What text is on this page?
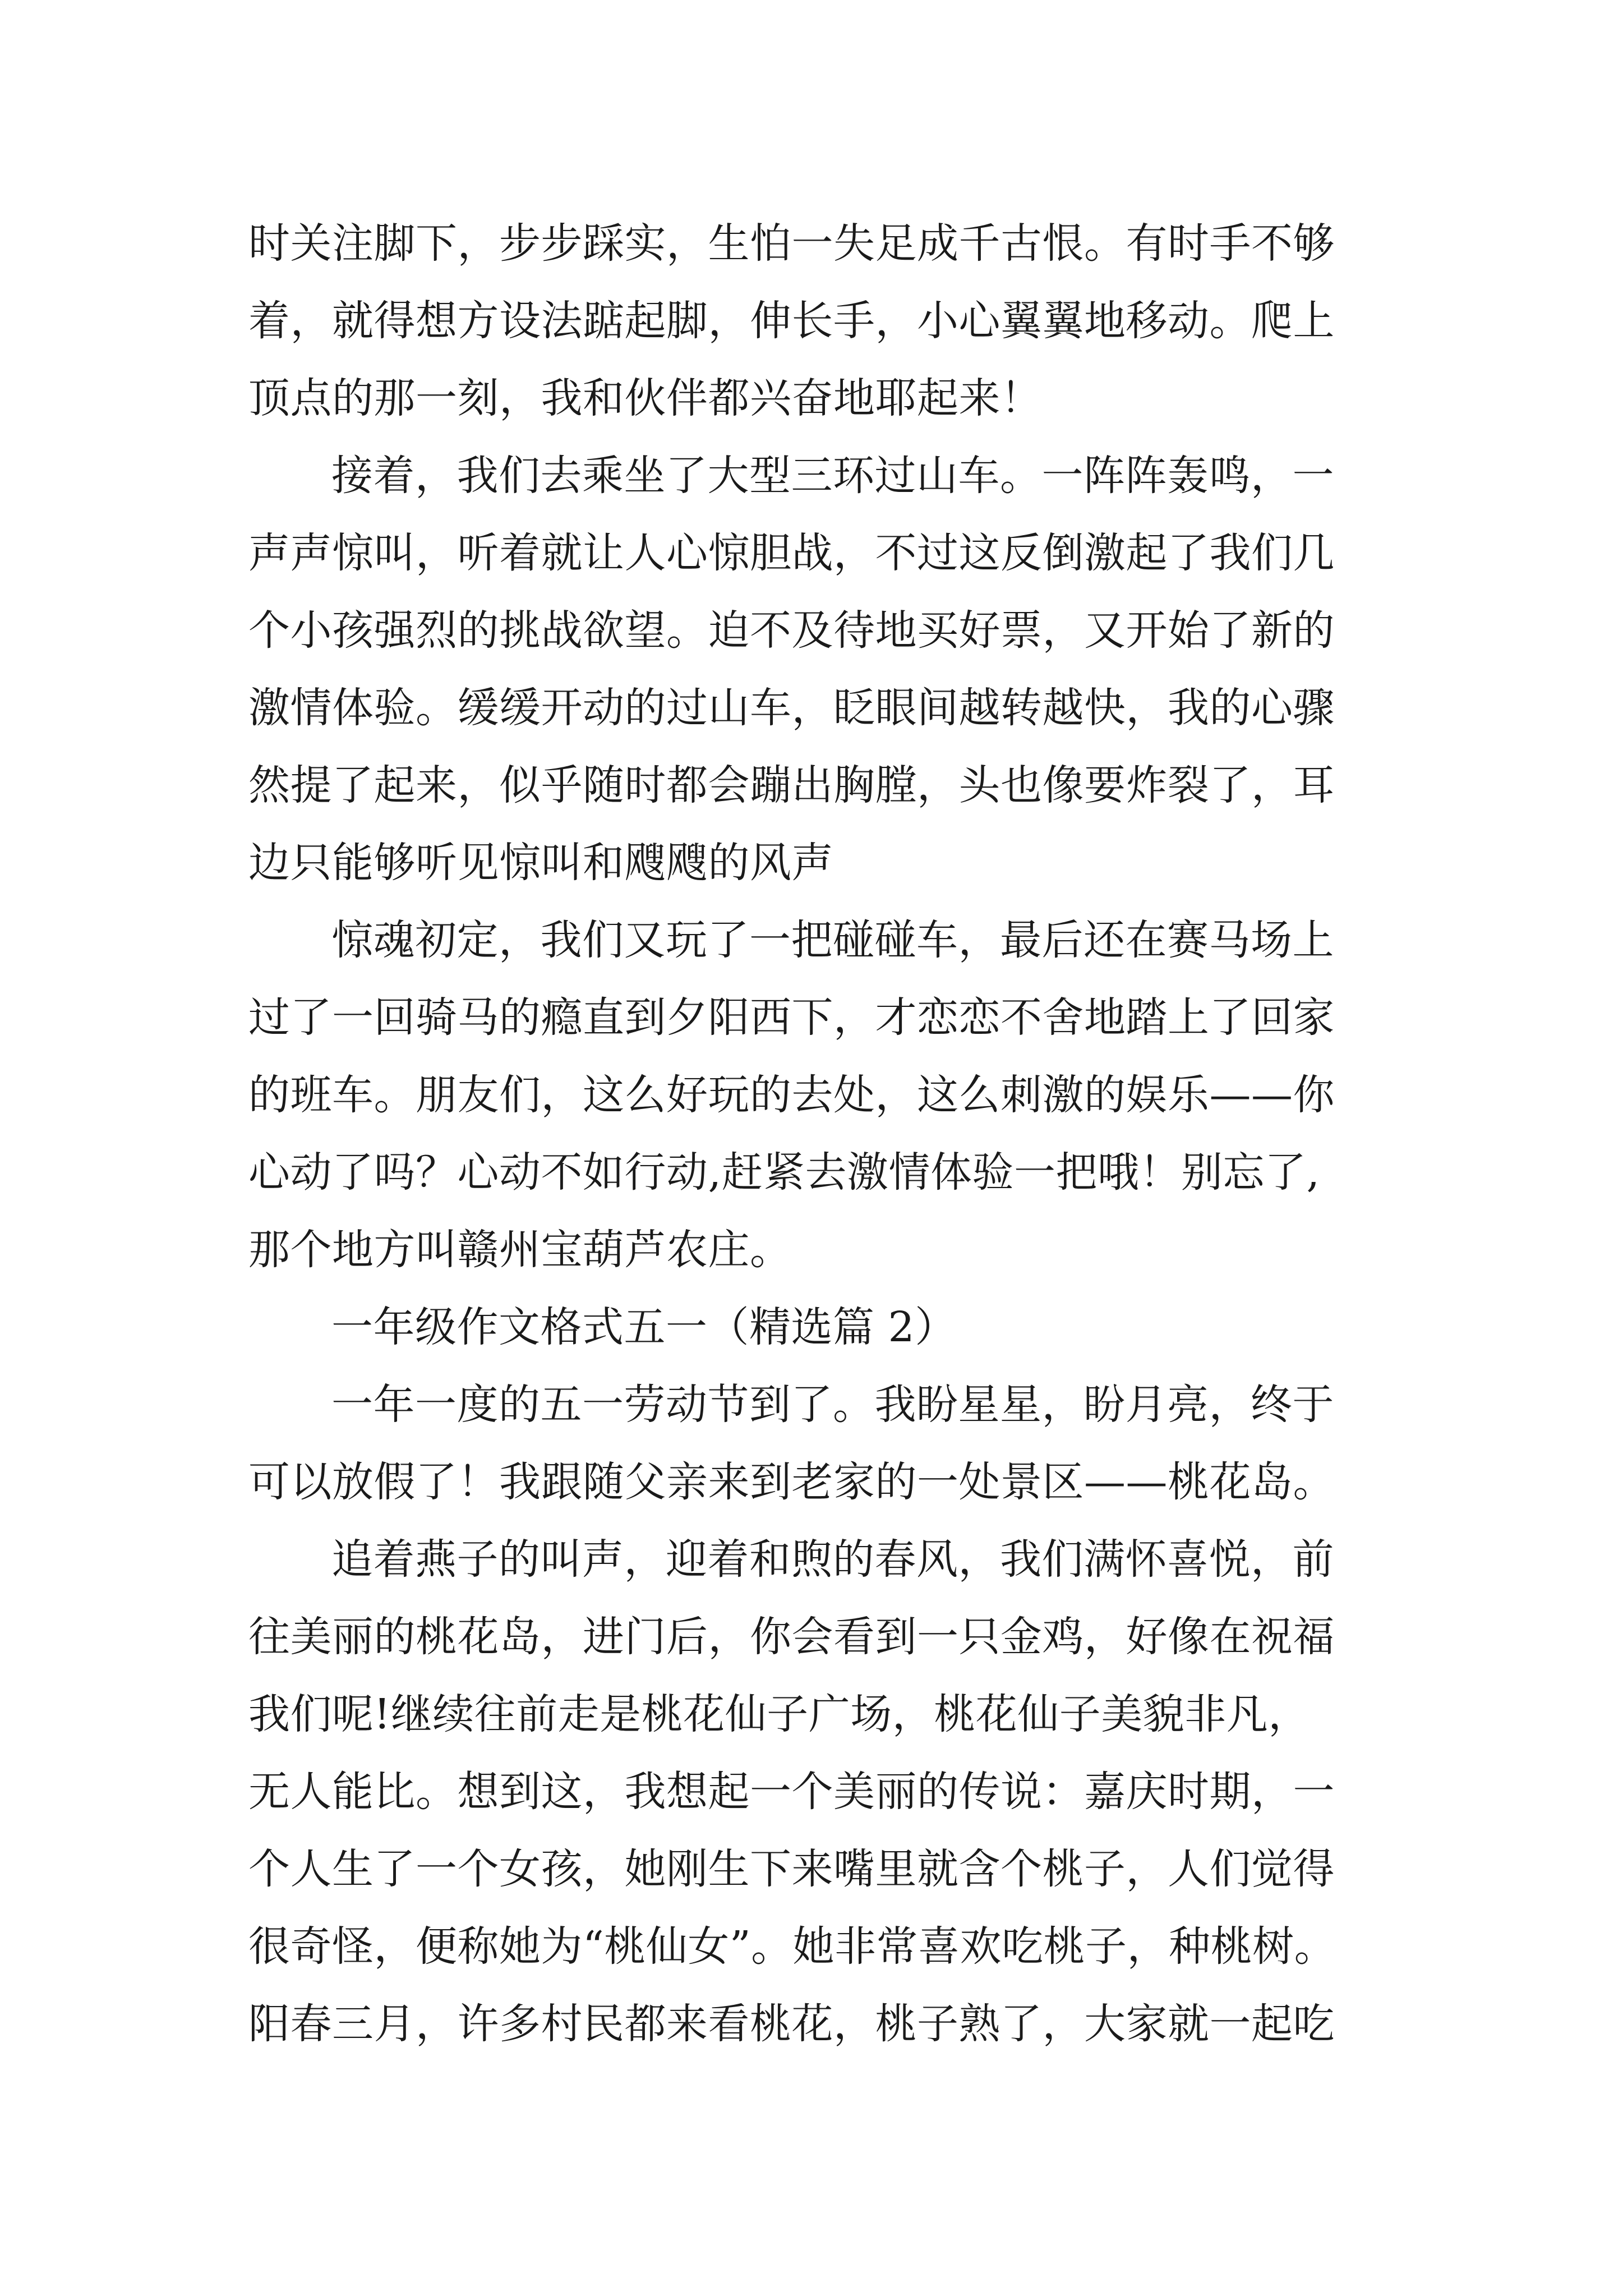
时关注脚下，步步踩实，生怕一失足成千古恨。有时手不够
着，就得想方设法踮起脚，伸长手，小心翼翼地移动。爬上
顶点的那一刻，我和伙伴都兴奋地耶起来！
接着，我们去乘坐了大型三环过山车。一阵阵轰鸣，一
声声惊叫，听着就让人心惊胆战，不过这反倒激起了我们几
个小孩强烈的挑战欲望。迫不及待地买好票，又开始了新的
激情体验。缓缓开动的过山车，眨眼间越转越快，我的心骤
然提了起来，似乎随时都会蹦出胸膛，头也像要炸裂了，耳
边只能够听见惊叫和飕飕的风声
惊魂初定，我们又玩了一把碰碰车，最后还在赛马场上
过了一回骑马的瘾直到夕阳西下，才恋恋不舍地踏上了回家
的班车。朋友们，这么好玩的去处，这么刺激的娱乐——你
心动了吗？心动不如行动,赶紧去激情体验一把哦！别忘了,
那个地方叫赣州宝葫芦农庄。
一年级作文格式五一（精选篇 2）
一年一度的五一劳动节到了。我盼星星，盼月亮，终于
可以放假了！我跟随父亲来到老家的一处景区——桃花岛。
追着燕子的叫声，迎着和煦的春风，我们满怀喜悦，前
往美丽的桃花岛，进门后，你会看到一只金鸡，好像在祝福
我们呢!继续往前走是桃花仙子广场，桃花仙子美貌非凡，
无人能比。想到这，我想起一个美丽的传说：嘉庆时期，一
个人生了一个女孩，她刚生下来嘴里就含个桃子，人们觉得
很奇怪，便称她为“桃仙女”。她非常喜欢吃桃子，种桃树。
阳春三月，许多村民都来看桃花，桃子熟了，大家就一起吃
